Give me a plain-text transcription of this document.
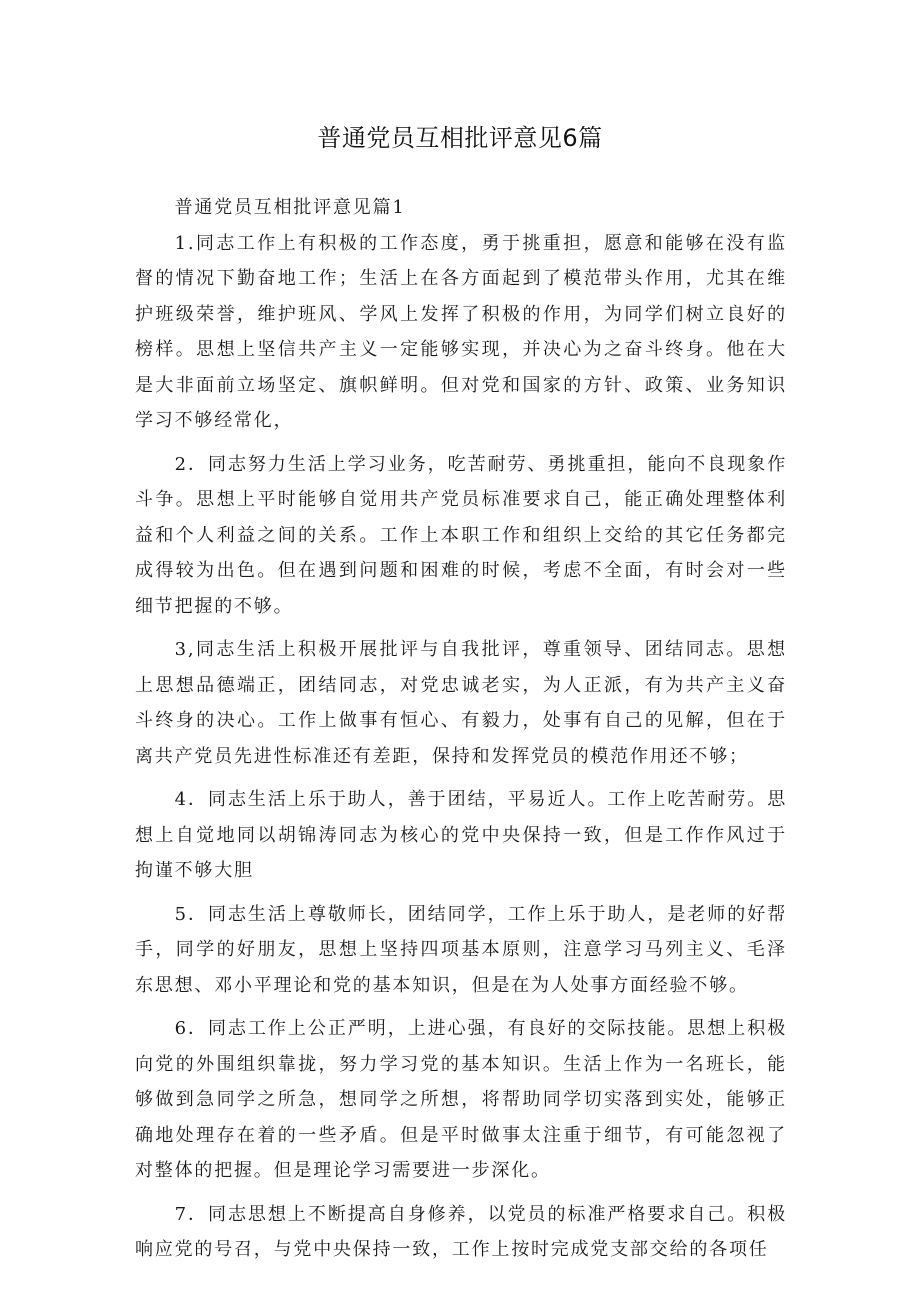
普通党员互相批评意见6篇

普通党员互相批评意见篇1

1.同志工作上有积极的工作态度，勇于挑重担，愿意和能够在没有监督的情况下勤奋地工作；生活上在各方面起到了模范带头作用，尤其在维护班级荣誉，维护班风、学风上发挥了积极的作用，为同学们树立良好的榜样。思想上坚信共产主义一定能够实现，并决心为之奋斗终身。他在大是大非面前立场坚定、旗帜鲜明。但对党和国家的方针、政策、业务知识学习不够经常化，

2．同志努力生活上学习业务，吃苦耐劳、勇挑重担，能向不良现象作斗争。思想上平时能够自觉用共产党员标准要求自己，能正确处理整体利益和个人利益之间的关系。工作上本职工作和组织上交给的其它任务都完成得较为出色。但在遇到问题和困难的时候，考虑不全面，有时会对一些细节把握的不够。

3,同志生活上积极开展批评与自我批评，尊重领导、团结同志。思想上思想品德端正，团结同志，对党忠诚老实，为人正派，有为共产主义奋斗终身的决心。工作上做事有恒心、有毅力，处事有自己的见解，但在于离共产党员先进性标准还有差距，保持和发挥党员的模范作用还不够；

4．同志生活上乐于助人，善于团结，平易近人。工作上吃苦耐劳。思想上自觉地同以胡锦涛同志为核心的党中央保持一致，但是工作作风过于拘谨不够大胆

5．同志生活上尊敬师长，团结同学，工作上乐于助人，是老师的好帮手，同学的好朋友，思想上坚持四项基本原则，注意学习马列主义、毛泽东思想、邓小平理论和党的基本知识，但是在为人处事方面经验不够。

6．同志工作上公正严明，上进心强，有良好的交际技能。思想上积极向党的外围组织靠拢，努力学习党的基本知识。生活上作为一名班长，能够做到急同学之所急，想同学之所想，将帮助同学切实落到实处，能够正确地处理存在着的一些矛盾。但是平时做事太注重于细节，有可能忽视了对整体的把握。但是理论学习需要进一步深化。

7．同志思想上不断提高自身修养，以党员的标准严格要求自己。积极响应党的号召，与党中央保持一致，工作上按时完成党支部交给的各项任
